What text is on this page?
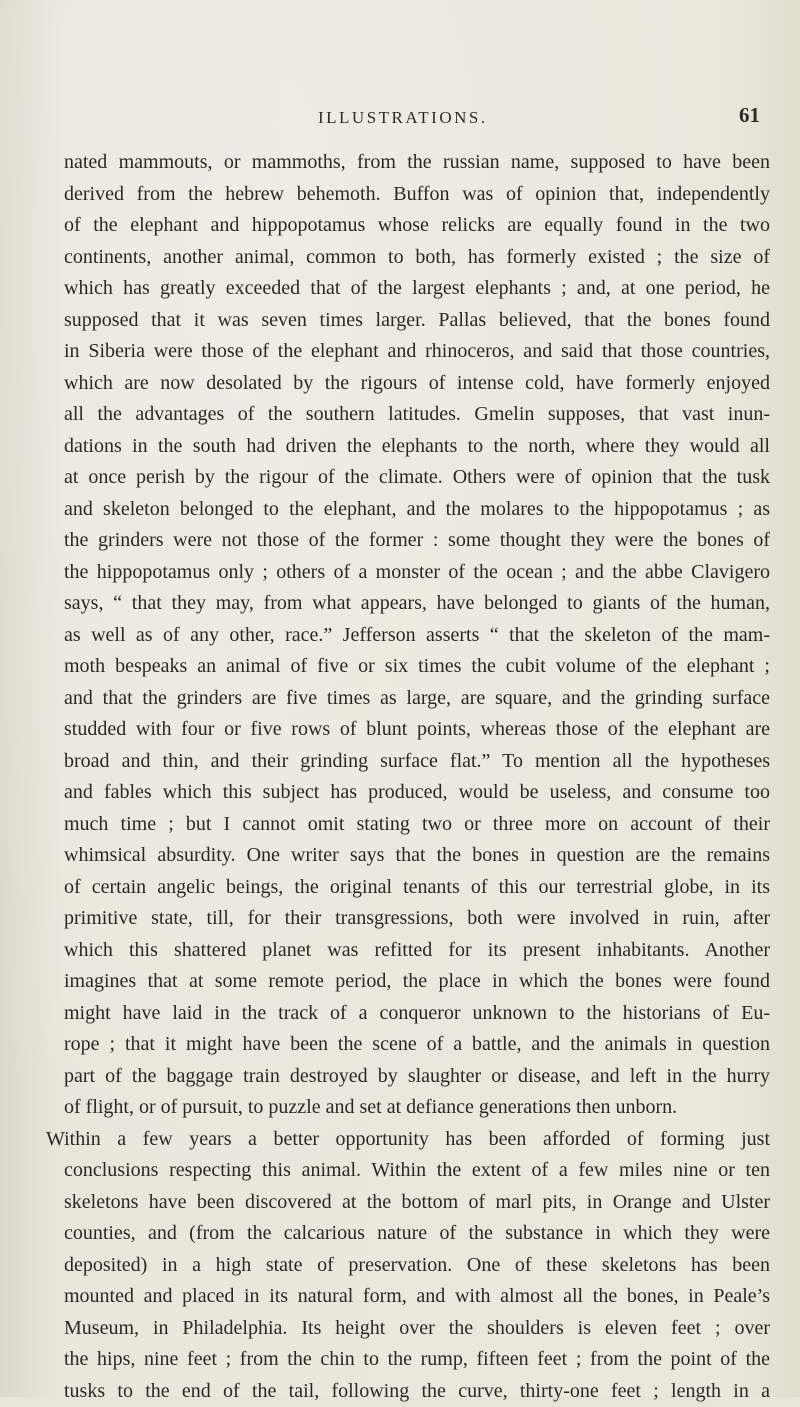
ILLUSTRATIONS.	61
nated mammouts, or mammoths, from the russian name, supposed to have been
derived from the hebrew behemoth. Buffon was of opinion that, independently
of the elephant and hippopotamus whose relicks are equally found in the two
continents, another animal, common to both, has formerly existed ; the size of
which has greatly exceeded that of the largest elephants ; and, at one period, he
supposed that it was seven times larger. Pallas believed, that the bones found
in Siberia were those of the elephant and rhinoceros, and said that those countries,
which are now desolated by the rigours of intense cold, have formerly enjoyed
all the advantages of the southern latitudes. Gmelin supposes, that vast inun-
dations in the south had driven the elephants to the north, where they would all
at once perish by the rigour of the climate. Others were of opinion that the tusk
and skeleton belonged to the elephant, and the molares to the hippopotamus ; as
the grinders were not those of the former : some thought they were the bones of
the hippopotamus only ; others of a monster of the ocean ; and the abbe Clavigero
says, “ that they may, from what appears, have belonged to giants of the human,
as well as of any other, race.” Jefferson asserts “ that the skeleton of the mam-
moth bespeaks an animal of five or six times the cubit volume of the elephant ;
and that the grinders are five times as large, are square, and the grinding surface
studded with four or five rows of blunt points, whereas those of the elephant are
broad and thin, and their grinding surface flat.” To mention all the hypotheses
and fables which this subject has produced, would be useless, and consume too
much time ; but I cannot omit stating two or three more on account of their
whimsical absurdity. One writer says that the bones in question are the remains
of certain angelic beings, the original tenants of this our terrestrial globe, in its
primitive state, till, for their transgressions, both were involved in ruin, after
which this shattered planet was refitted for its present inhabitants. Another
imagines that at some remote period, the place in which the bones were found
might have laid in the track of a conqueror unknown to the historians of Eu-
rope ; that it might have been the scene of a battle, and the animals in question
part of the baggage train destroyed by slaughter or disease, and left in the hurry
of flight, or of pursuit, to puzzle and set at defiance generations then unborn.
Within a few years a better opportunity has been afforded of forming just
conclusions respecting this animal. Within the extent of a few miles nine or ten
skeletons have been discovered at the bottom of marl pits, in Orange and Ulster
counties, and (from the calcarious nature of the substance in which they were
deposited) in a high state of preservation. One of these skeletons has been
mounted and placed in its natural form, and with almost all the bones, in Peale’s
Museum, in Philadelphia. Its height over the shoulders is eleven feet ; over
the hips, nine feet ; from the chin to the rump, fifteen feet ; from the point of the
tusks to the end of the tail, following the curve, thirty-one feet ; length in a
